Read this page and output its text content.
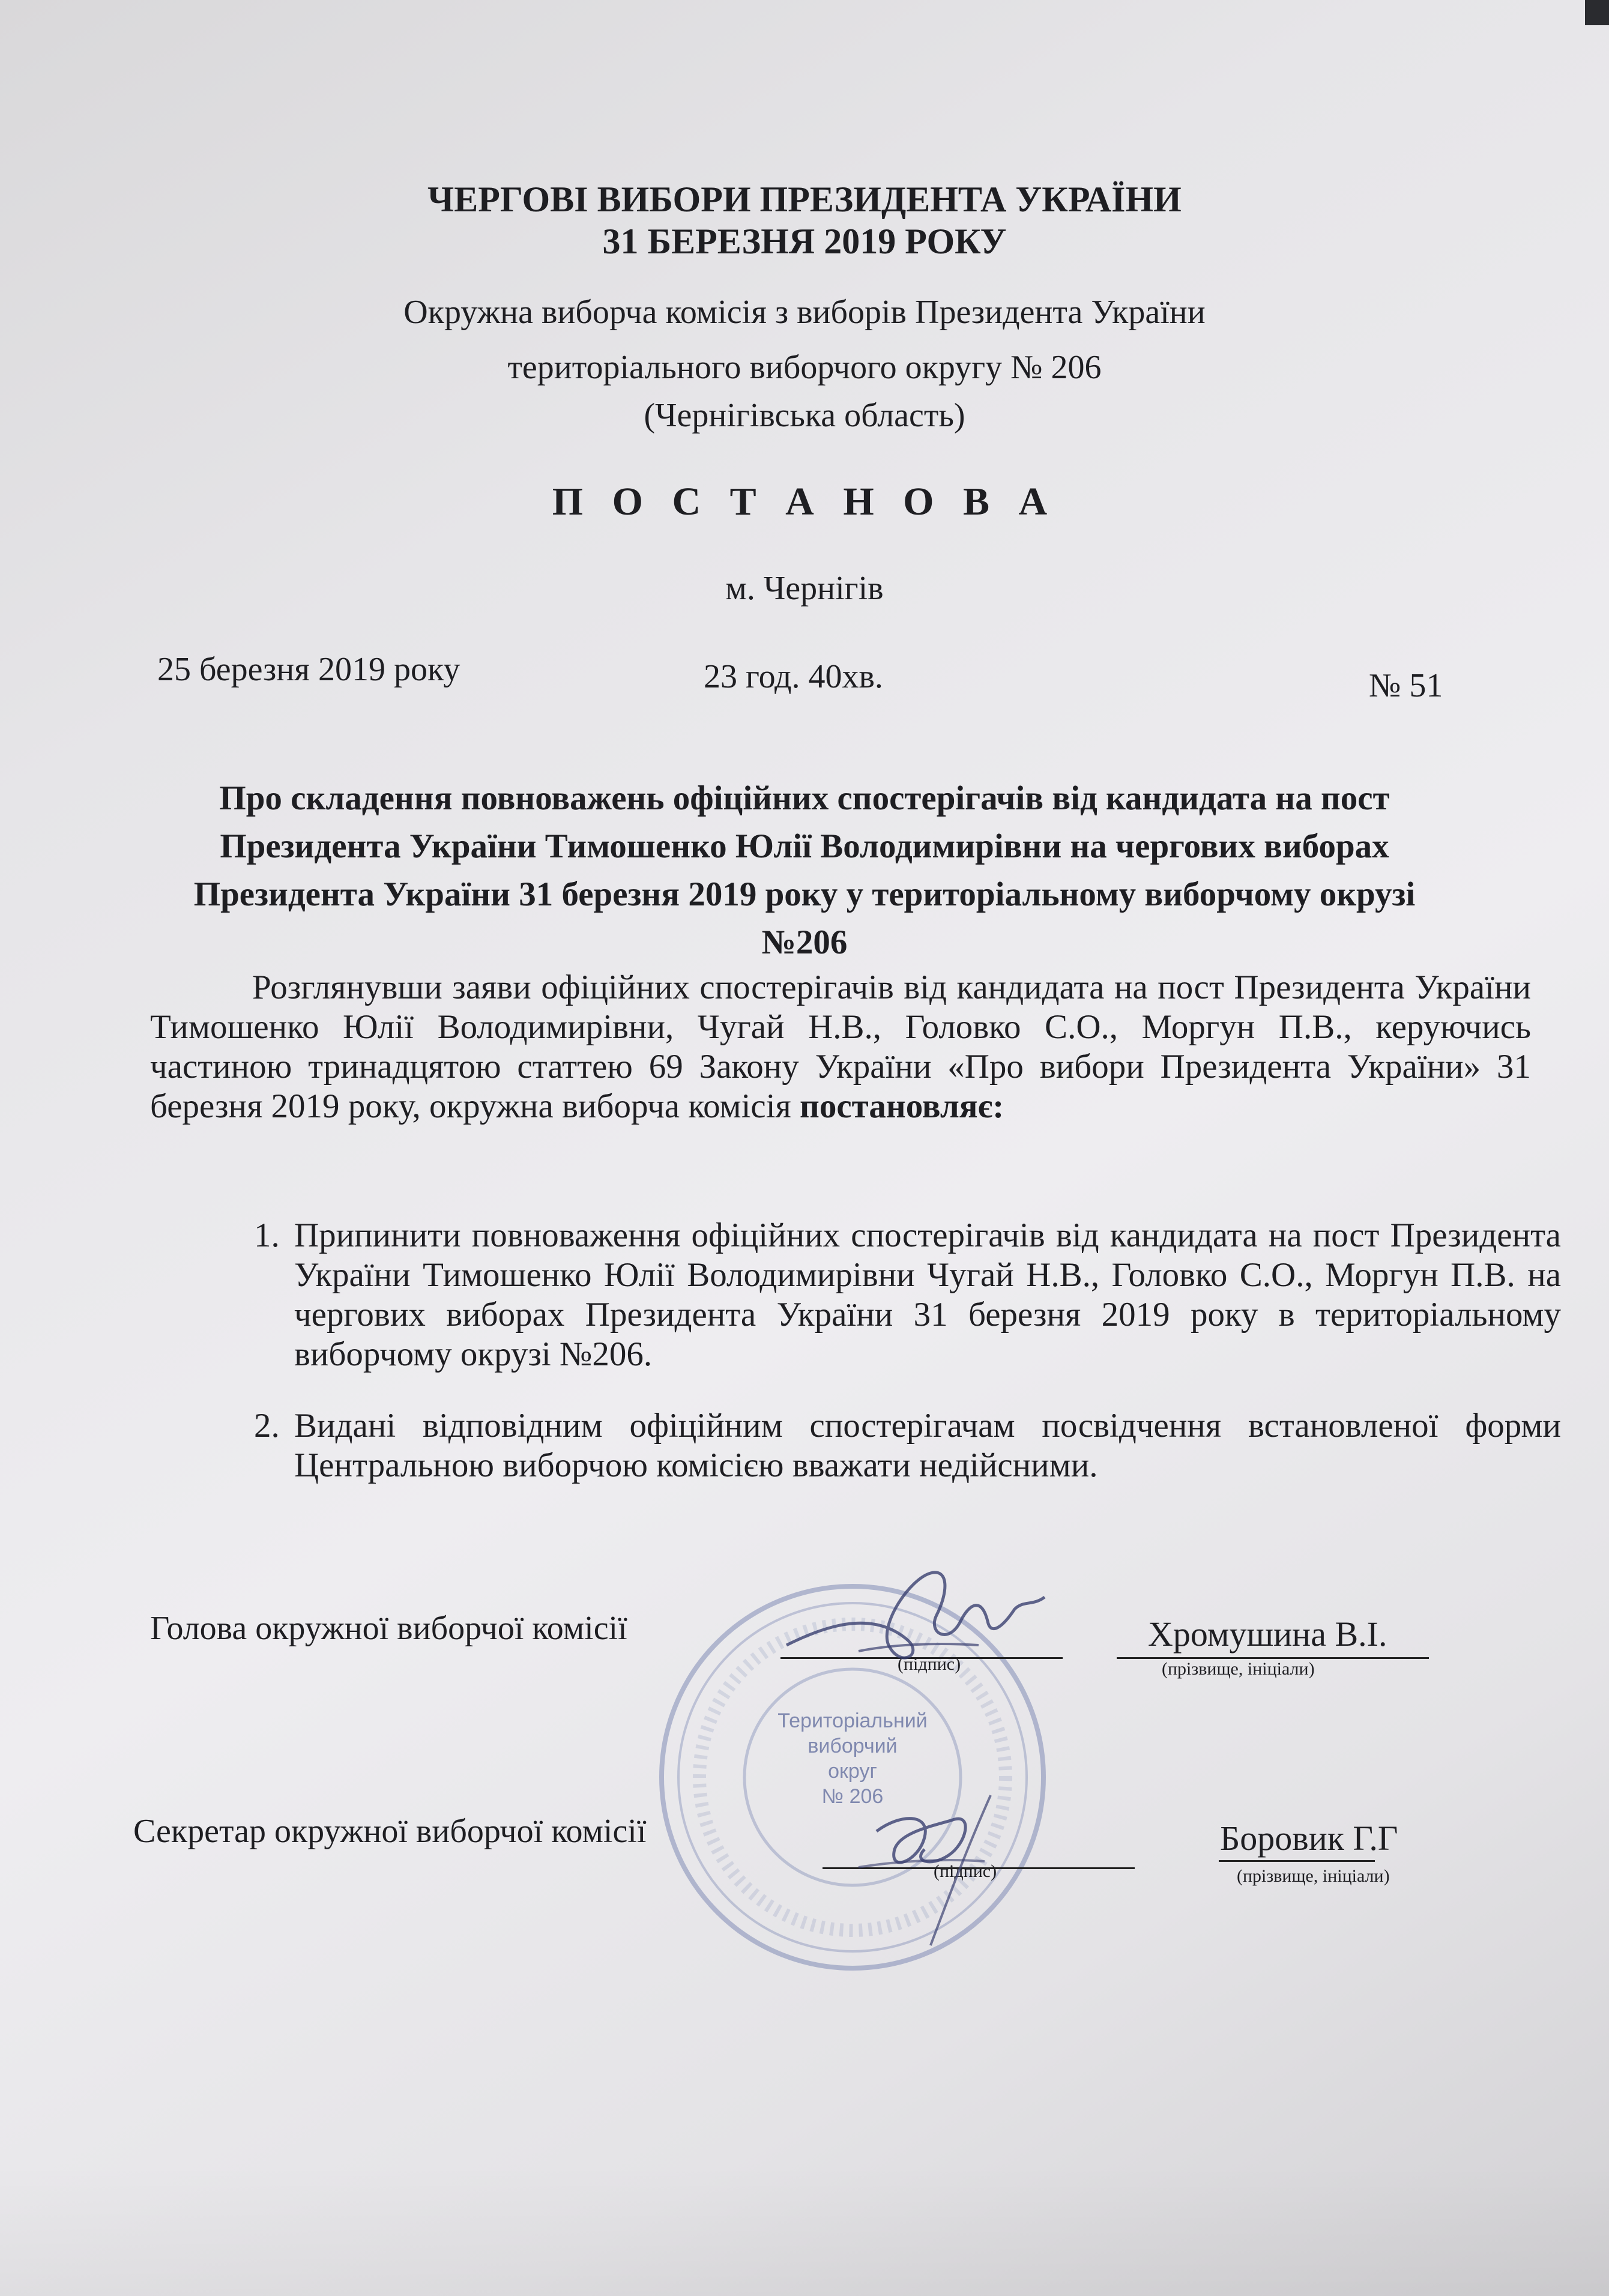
ЧЕРГОВІ ВИБОРИ ПРЕЗИДЕНТА УКРАЇНИ
31 БЕРЕЗНЯ 2019 РОКУ
Окружна виборча комісія з виборів Президента України
територіального виборчого округу № 206
(Чернігівська область)
П О С Т А Н О В А
м. Чернігів
25 березня 2019 року	23 год. 40хв.	№ 51
Про складення повноважень офіційних спостерігачів від кандидата на пост Президента України Тимошенко Юлії Володимирівни на чергових виборах Президента України 31 березня 2019 року у територіальному виборчому окрузі №206
Розглянувши заяви офіційних спостерігачів від кандидата на пост Президента України Тимошенко Юлії Володимирівни, Чугай Н.В., Головко С.О., Моргун П.В., керуючись частиною тринадцятою статтею 69 Закону України «Про вибори Президента України» 31 березня 2019 року, окружна виборча комісія постановляє:
1. Припинити повноваження офіційних спостерігачів від кандидата на пост Президента України Тимошенко Юлії Володимирівни Чугай Н.В., Головко С.О., Моргун П.В. на чергових виборах Президента України 31 березня 2019 року в територіальному виборчому окрузі №206.
2. Видані відповідним офіційним спостерігачам посвідчення встановленої форми Центральною виборчою комісією вважати недійсними.
Територіальний
виборчий
округ
№ 206
Голова окружної виборчої комісії
(підпис)
Хромушина В.І.
(прізвище, ініціали)
Секретар окружної виборчої комісії
(підпис)
Боровик Г.Г
(прізвище, ініціали)
